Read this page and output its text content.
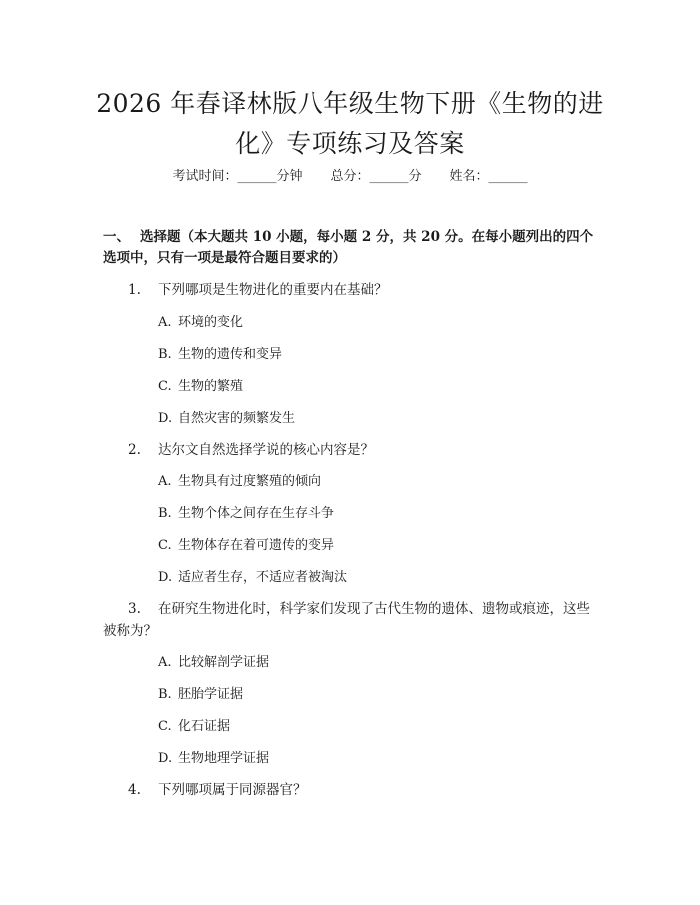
2026 年春译林版八年级生物下册《生物的进化》专项练习及答案
考试时间：______分钟 总分：______分 姓名：______

一、 选择题（本大题共 10 小题，每小题 2 分，共 20 分。在每小题列出的四个选项中，只有一项是最符合题目要求的）

1. 下列哪项是生物进化的重要内在基础？
A. 环境的变化
B. 生物的遗传和变异
C. 生物的繁殖
D. 自然灾害的频繁发生
2. 达尔文自然选择学说的核心内容是？
A. 生物具有过度繁殖的倾向
B. 生物个体之间存在生存斗争
C. 生物体存在着可遗传的变异
D. 适应者生存，不适应者被淘汰
3. 在研究生物进化时，科学家们发现了古代生物的遗体、遗物或痕迹，这些
被称为？
A. 比较解剖学证据
B. 胚胎学证据
C. 化石证据
D. 生物地理学证据
4. 下列哪项属于同源器官？
